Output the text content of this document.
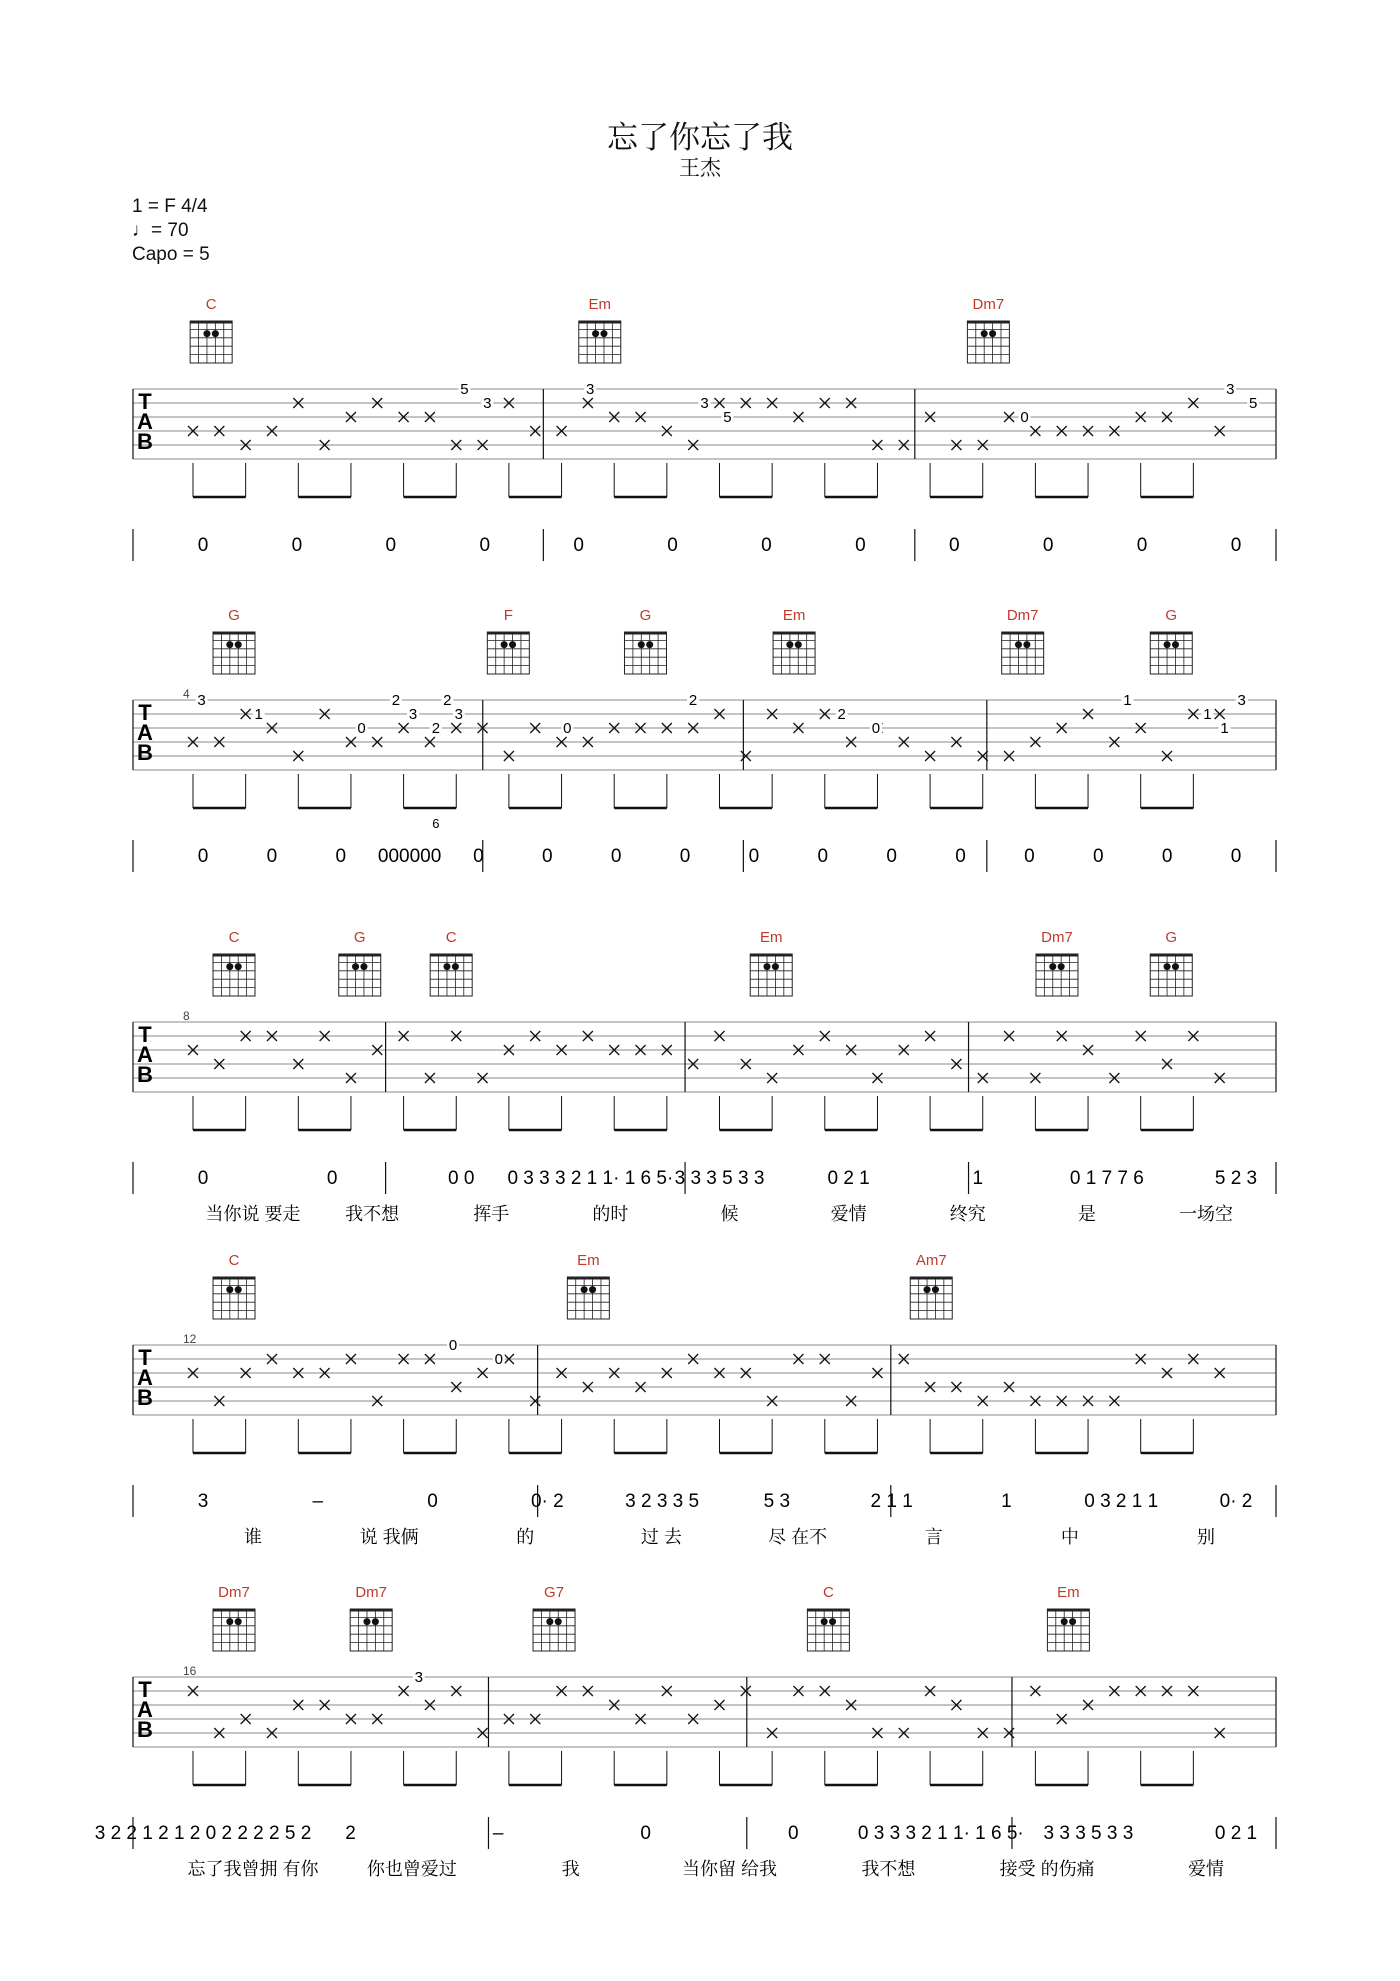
忘了你忘了我
王杰
1 = F 4/4
♩= 70
Capo = 5
C	Em	Dm7
T
A
B
3
3
5
5
3
0
3
5
0	0	0	0	0	0	0	0	0	0	0	0
G	F	G	Em	Dm7	G
T
A
B
4 3
1
0
2
3
2
2
3
0
2
2
0
1
1
1
3
6
0	0	0 000000 0	0	0	0	0	0	0	0	0	0	0	0
C	G	C	Em	Dm7	G
T
A
B
8
0	0	0 0 0 3 3 3 2 1 1· 1 6 5· 3 3 3 5 3 3	0 2 1	1	0 1 7 7 6	5 2 3
当你说 要走 我不想	挥手	的时	候	爱情	终究	是	一场空
C	Em	Am7
T
A
B
12	0
0
3	–	0	0· 2	3 2 3 3 5	5 3	2 1 1	1	0 3 2 1 1	0· 2
谁	说 我俩	的	过 去	尽 在不	言	中	别
Dm7	Dm7	G7	C	Em
T
A
B
16	3
3 2 2 1 2 1 2 0 2 2 2 2 5 2 2	–	0	0	0 3 3 3 2 1 1· 1 6 5· 3 3 3 5 3 3	0 2 1
忘了我曾拥 有你	你也曾爱过	我	当你留 给我	我不想	接受 的伤痛	爱情
